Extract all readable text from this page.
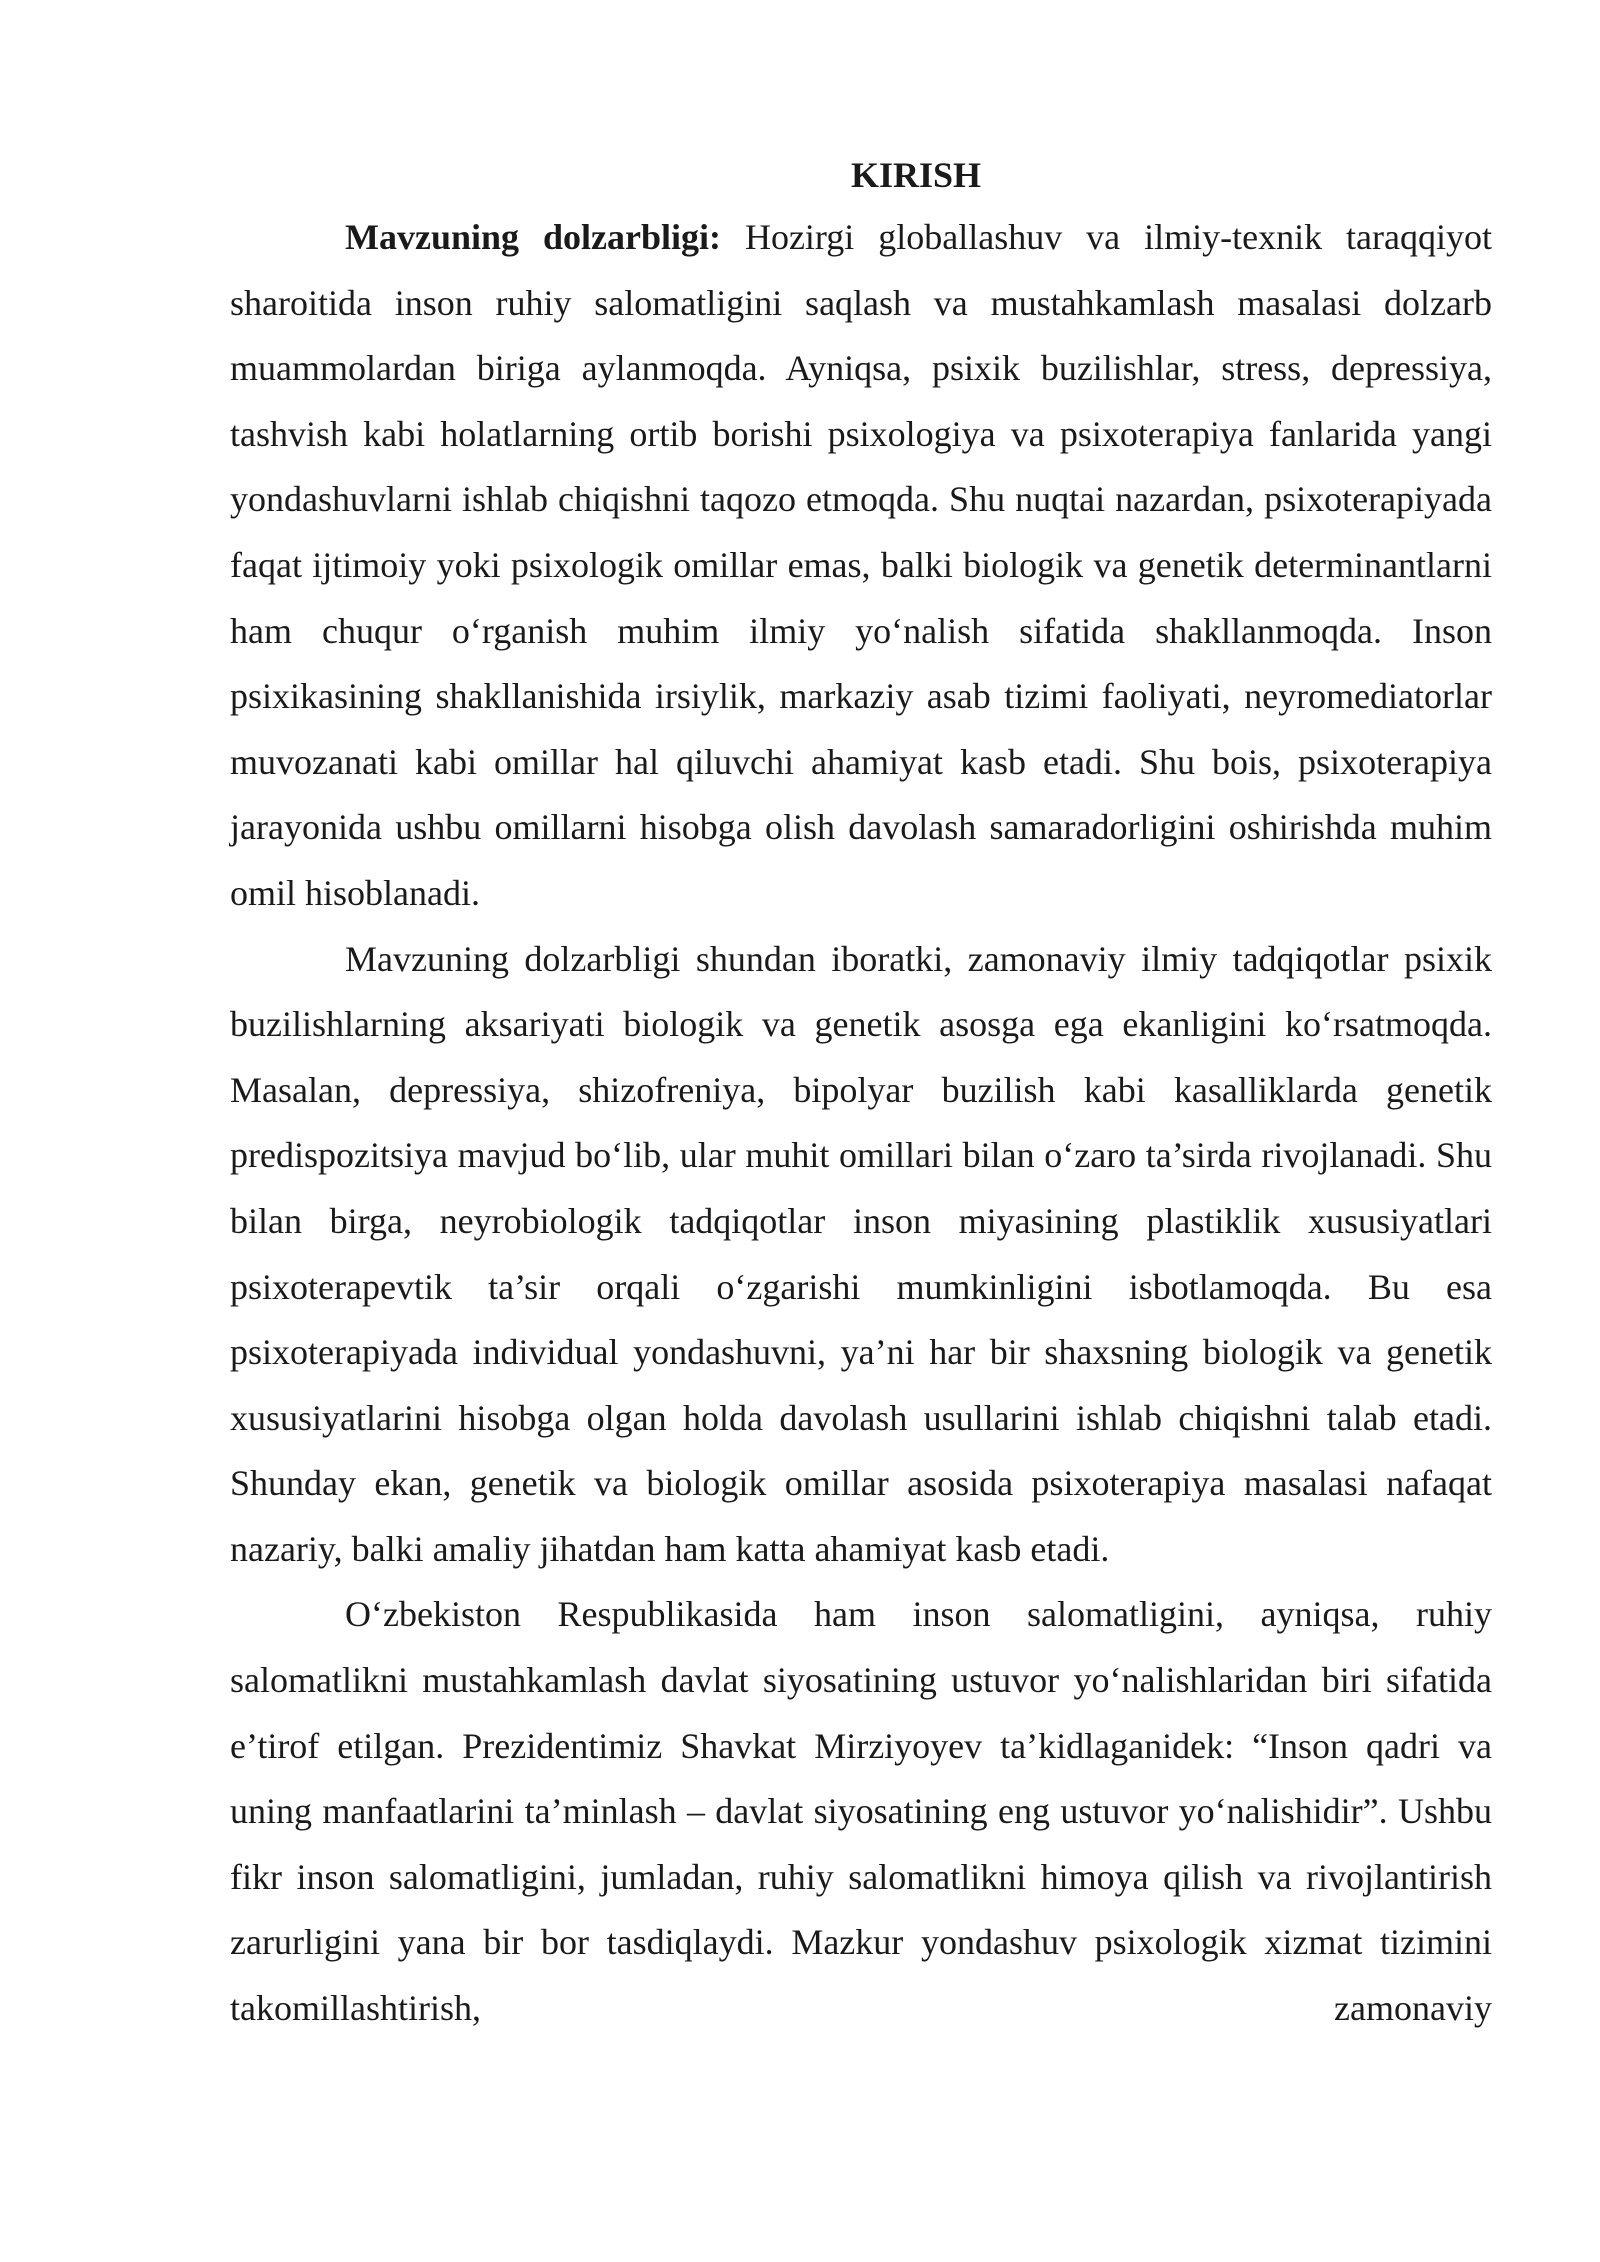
KIRISH

Mavzuning dolzarbligi: Hozirgi globallashuv va ilmiy-texnik taraqqiyot sharoitida inson ruhiy salomatligini saqlash va mustahkamlash masalasi dolzarb muammolardan biriga aylanmoqda. Ayniqsa, psixik buzilishlar, stress, depressiya, tashvish kabi holatlarning ortib borishi psixologiya va psixoterapiya fanlarida yangi yondashuvlarni ishlab chiqishni taqozo etmoqda. Shu nuqtai nazardan, psixoterapiyada faqat ijtimoiy yoki psixologik omillar emas, balki biologik va genetik determinantlarni ham chuqur o‘rganish muhim ilmiy yo‘nalish sifatida shakllanmoqda. Inson psixikasining shakllanishida irsiylik, markaziy asab tizimi faoliyati, neyromediatorlar muvozanati kabi omillar hal qiluvchi ahamiyat kasb etadi. Shu bois, psixoterapiya jarayonida ushbu omillarni hisobga olish davolash samaradorligini oshirishda muhim omil hisoblanadi.

Mavzuning dolzarbligi shundan iboratki, zamonaviy ilmiy tadqiqotlar psixik buzilishlarning aksariyati biologik va genetik asosga ega ekanligini ko‘rsatmoqda. Masalan, depressiya, shizofreniya, bipolyar buzilish kabi kasalliklarda genetik predispozitsiya mavjud bo‘lib, ular muhit omillari bilan o‘zaro ta’sirda rivojlanadi. Shu bilan birga, neyrobiologik tadqiqotlar inson miyasining plastiklik xususiyatlari psixoterapevtik ta’sir orqali o‘zgarishi mumkinligini isbotlamoqda. Bu esa psixoterapiyada individual yondashuvni, ya’ni har bir shaxsning biologik va genetik xususiyatlarini hisobga olgan holda davolash usullarini ishlab chiqishni talab etadi. Shunday ekan, genetik va biologik omillar asosida psixoterapiya masalasi nafaqat nazariy, balki amaliy jihatdan ham katta ahamiyat kasb etadi.

O‘zbekiston Respublikasida ham inson salomatligini, ayniqsa, ruhiy salomatlikni mustahkamlash davlat siyosatining ustuvor yo‘nalishlaridan biri sifatida e’tirof etilgan. Prezidentimiz Shavkat Mirziyoyev ta’kidlaganidek: “Inson qadri va uning manfaatlarini ta’minlash – davlat siyosatining eng ustuvor yo‘nalishidir”. Ushbu fikr inson salomatligini, jumladan, ruhiy salomatlikni himoya qilish va rivojlantirish zarurligini yana bir bor tasdiqlaydi. Mazkur yondashuv psixologik xizmat tizimini takomillashtirish, zamonaviy
